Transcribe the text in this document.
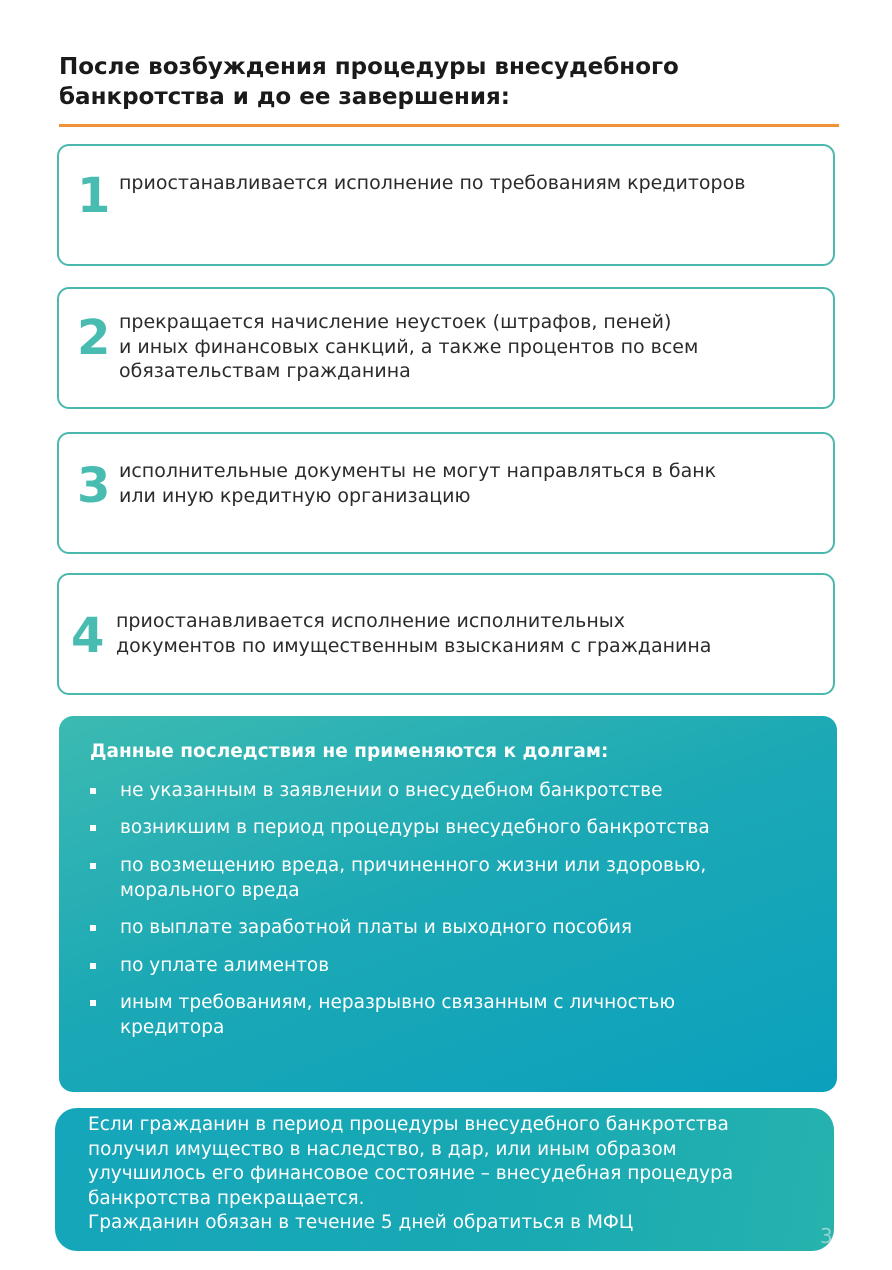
После возбуждения процедуры внесудебного
банкротства и до ее завершения:
1 приостанавливается исполнение по требованиям кредиторов
2 прекращается начисление неустоек (штрафов, пеней)
и иных финансовых санкций, а также процентов по всем
обязательствам гражданина
3 исполнительные документы не могут направляться в банк
или иную кредитную организацию
4 приостанавливается исполнение исполнительных
документов по имущественным взысканиям с гражданина
Данные последствия не применяются к долгам:
не указанным в заявлении о внесудебном банкротстве
возникшим в период процедуры внесудебного банкротства
по возмещению вреда, причиненного жизни или здоровью,
морального вреда
по выплате заработной платы и выходного пособия
по уплате алиментов
иным требованиям, неразрывно связанным с личностью
кредитора
Если гражданин в период процедуры внесудебного банкротства
получил имущество в наследство, в дар, или иным образом
улучшилось его финансовое состояние – внесудебная процедура
банкротства прекращается.
Гражданин обязан в течение 5 дней обратиться в МФЦ
3
